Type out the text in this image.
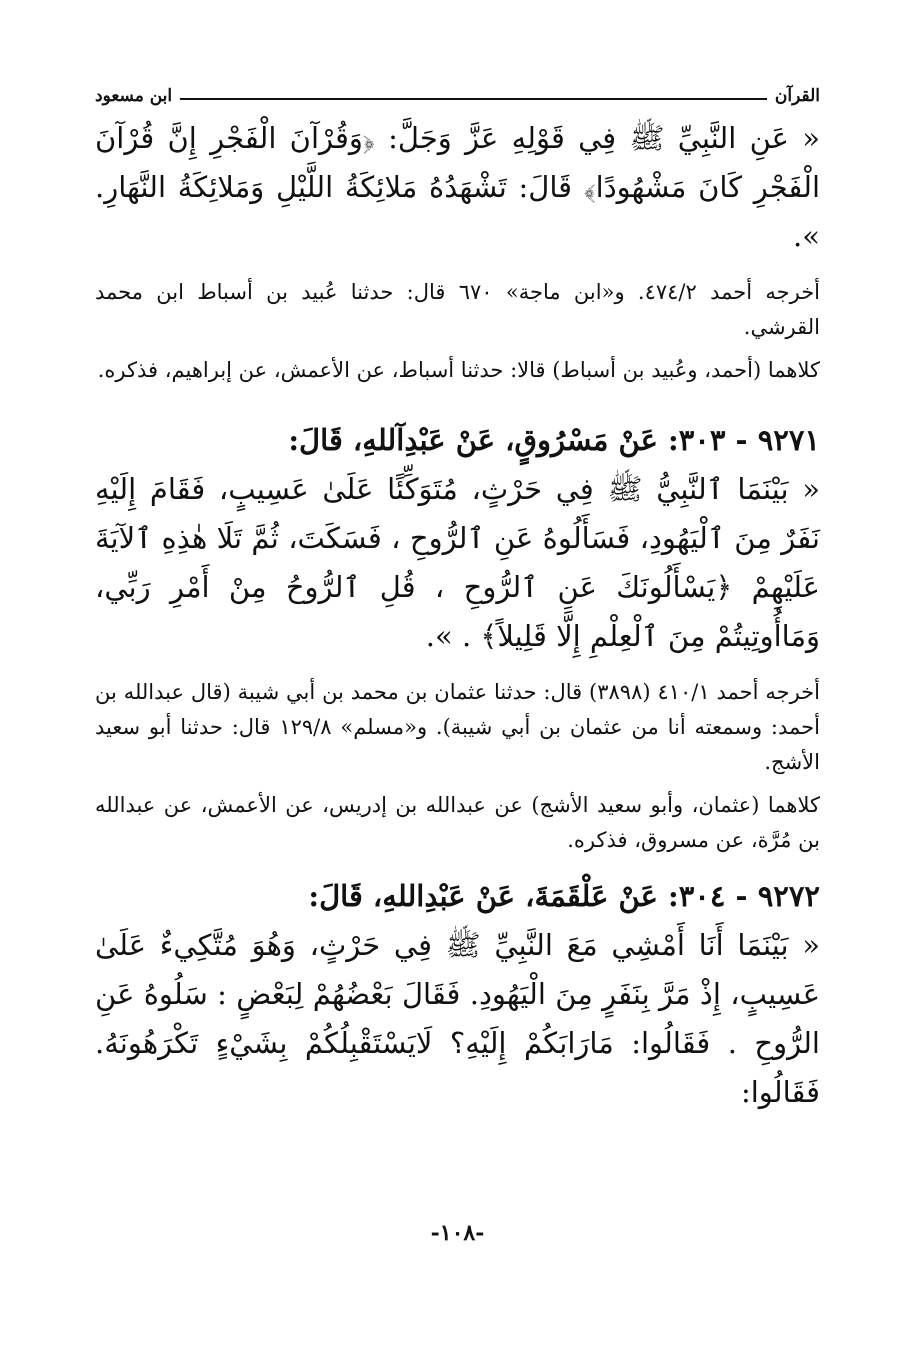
القرآن
ابن مسعود
« عَنِ النَّبِيِّ ﷺ فِي قَوْلِهِ عَزَّ وَجَلَّ: ﴿وَقُرْآنَ الْفَجْرِ إِنَّ قُرْآنَ الْفَجْرِ كَانَ مَشْهُودًا﴾ قَالَ: تَشْهَدُهُ مَلائِكَةُ اللَّيْلِ وَمَلائِكَةُ النَّهَارِ. ».
أخرجه أحمد ٤٧٤/٢. و«ابن ماجة» ٦٧٠ قال: حدثنا عُبيد بن أسباط ابن محمد القرشي.
كلاهما (أحمد، وعُبيد بن أسباط) قالا: حدثنا أسباط، عن الأعمش، عن إبراهيم، فذكره.
٩٢٧١ - ٣٠٣: عَنْ مَسْرُوقٍ، عَنْ عَبْدِآللهِ، قَالَ:
« بَيْنَمَا ٱلنَّبِيُّ ﷺ فِي حَرْثٍ، مُتَوَكِّئًا عَلَىٰ عَسِيبٍ، فَقَامَ إِلَيْهِ نَفَرٌ مِنَ ٱلْيَهُودِ، فَسَأَلُوهُ عَنِ ٱلرُّوحِ ، فَسَكَتَ، ثُمَّ تَلَا هٰذِهِ ٱلآيَةَ عَلَيْهِمْ ﴿يَسْأَلُونَكَ عَنِ ٱلرُّوحِ ، قُلِ ٱلرُّوحُ مِنْ أَمْرِ رَبِّي، وَمَاأُوتِيتُمْ مِنَ ٱلْعِلْمِ إِلَّا قَلِيلاً﴾ . ».
أخرجه أحمد ٤١٠/١ (٣٨٩٨) قال: حدثنا عثمان بن محمد بن أبي شيبة (قال عبدالله بن أحمد: وسمعته أنا من عثمان بن أبي شيبة). و«مسلم» ١٢٩/٨ قال: حدثنا أبو سعيد الأشج.
كلاهما (عثمان، وأبو سعيد الأشج) عن عبدالله بن إدريس، عن الأعمش، عن عبدالله بن مُرَّة، عن مسروق، فذكره.
٩٢٧٢ - ٣٠٤: عَنْ عَلْقَمَةَ، عَنْ عَبْدِاللهِ، قَالَ:
« بَيْنَمَا أَنَا أَمْشِي مَعَ النَّبِيِّ ﷺ فِي حَرْثٍ، وَهُوَ مُتَّكِيءٌ عَلَىٰ عَسِيبٍ، إِذْ مَرَّ بِنَفَرٍ مِنَ الْيَهُودِ. فَقَالَ بَعْضُهُمْ لِبَعْضٍ : سَلُوهُ عَنِ الرُّوحِ . فَقَالُوا: مَارَابَكُمْ إِلَيْهِ؟ لَايَسْتَقْبِلُكُمْ بِشَيْءٍ تَكْرَهُونَهُ. فَقَالُوا:
-١٠٨-
